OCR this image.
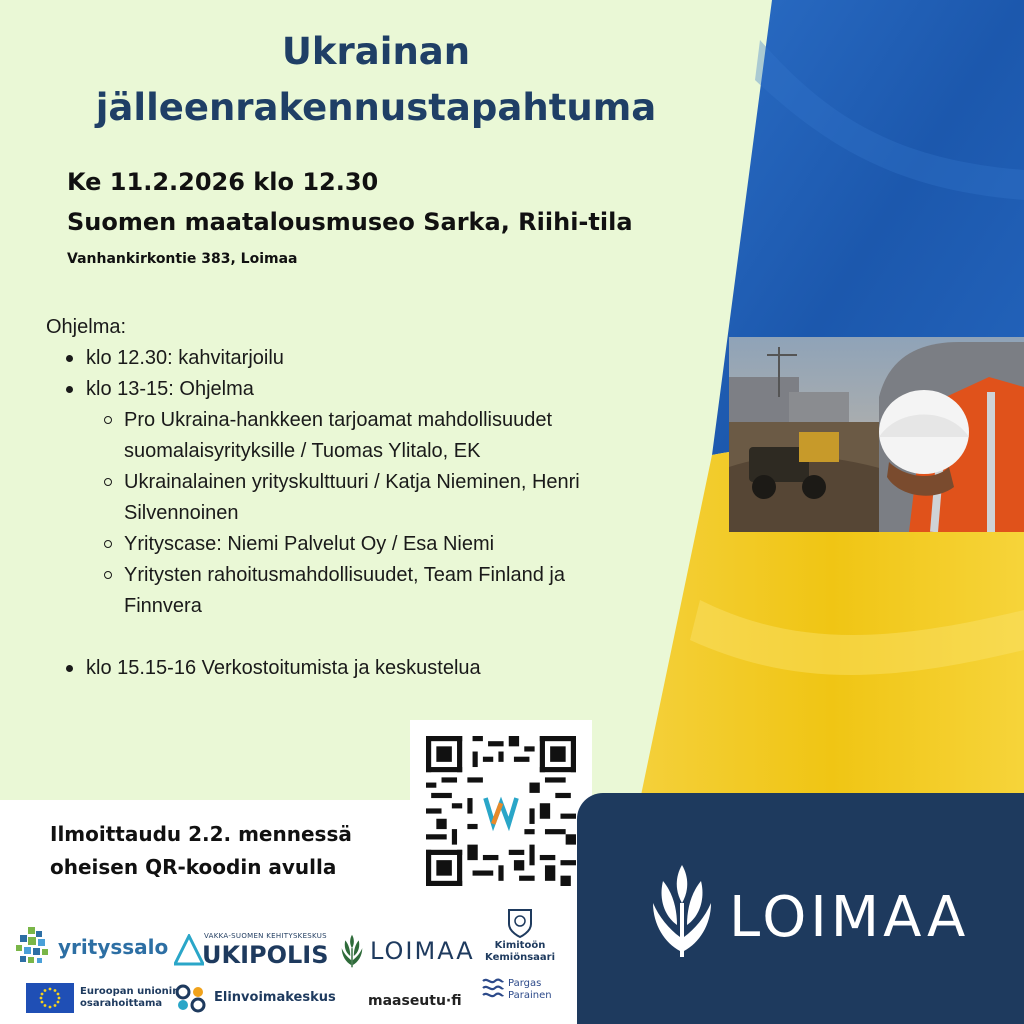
Ukrainan
jälleenrakennustapahtuma
Ke 11.2.2026 klo 12.30
Suomen maatalousmuseo Sarka, Riihi-tila
Vanhankirkontie 383, Loimaa
Ohjelma:
klo 12.30: kahvitarjoilu
klo 13-15: Ohjelma
Pro Ukraina-hankkeen tarjoamat mahdollisuudet suomalaisyrityksille / Tuomas Ylitalo, EK
Ukrainalainen yrityskulttuuri / Katja Nieminen, Henri Silvennoinen
Yrityscase: Niemi Palvelut Oy / Esa Niemi
Yritysten rahoitusmahdollisuudet, Team Finland ja Finnvera
klo 15.15-16 Verkostoitumista ja keskustelua
Ilmoittaudu 2.2. mennessä
oheisen QR-koodin avulla
LOIMAA
yrityssalo	VAKKA-SUOMEN KEHITYSKESKUS
UKIPOLIS LOIMAA	Kimitoön
Kemiönsaari
Euroopan unionin
osarahoittama	Elinvoimakeskus maaseutu·fi
Pargas
Parainen
